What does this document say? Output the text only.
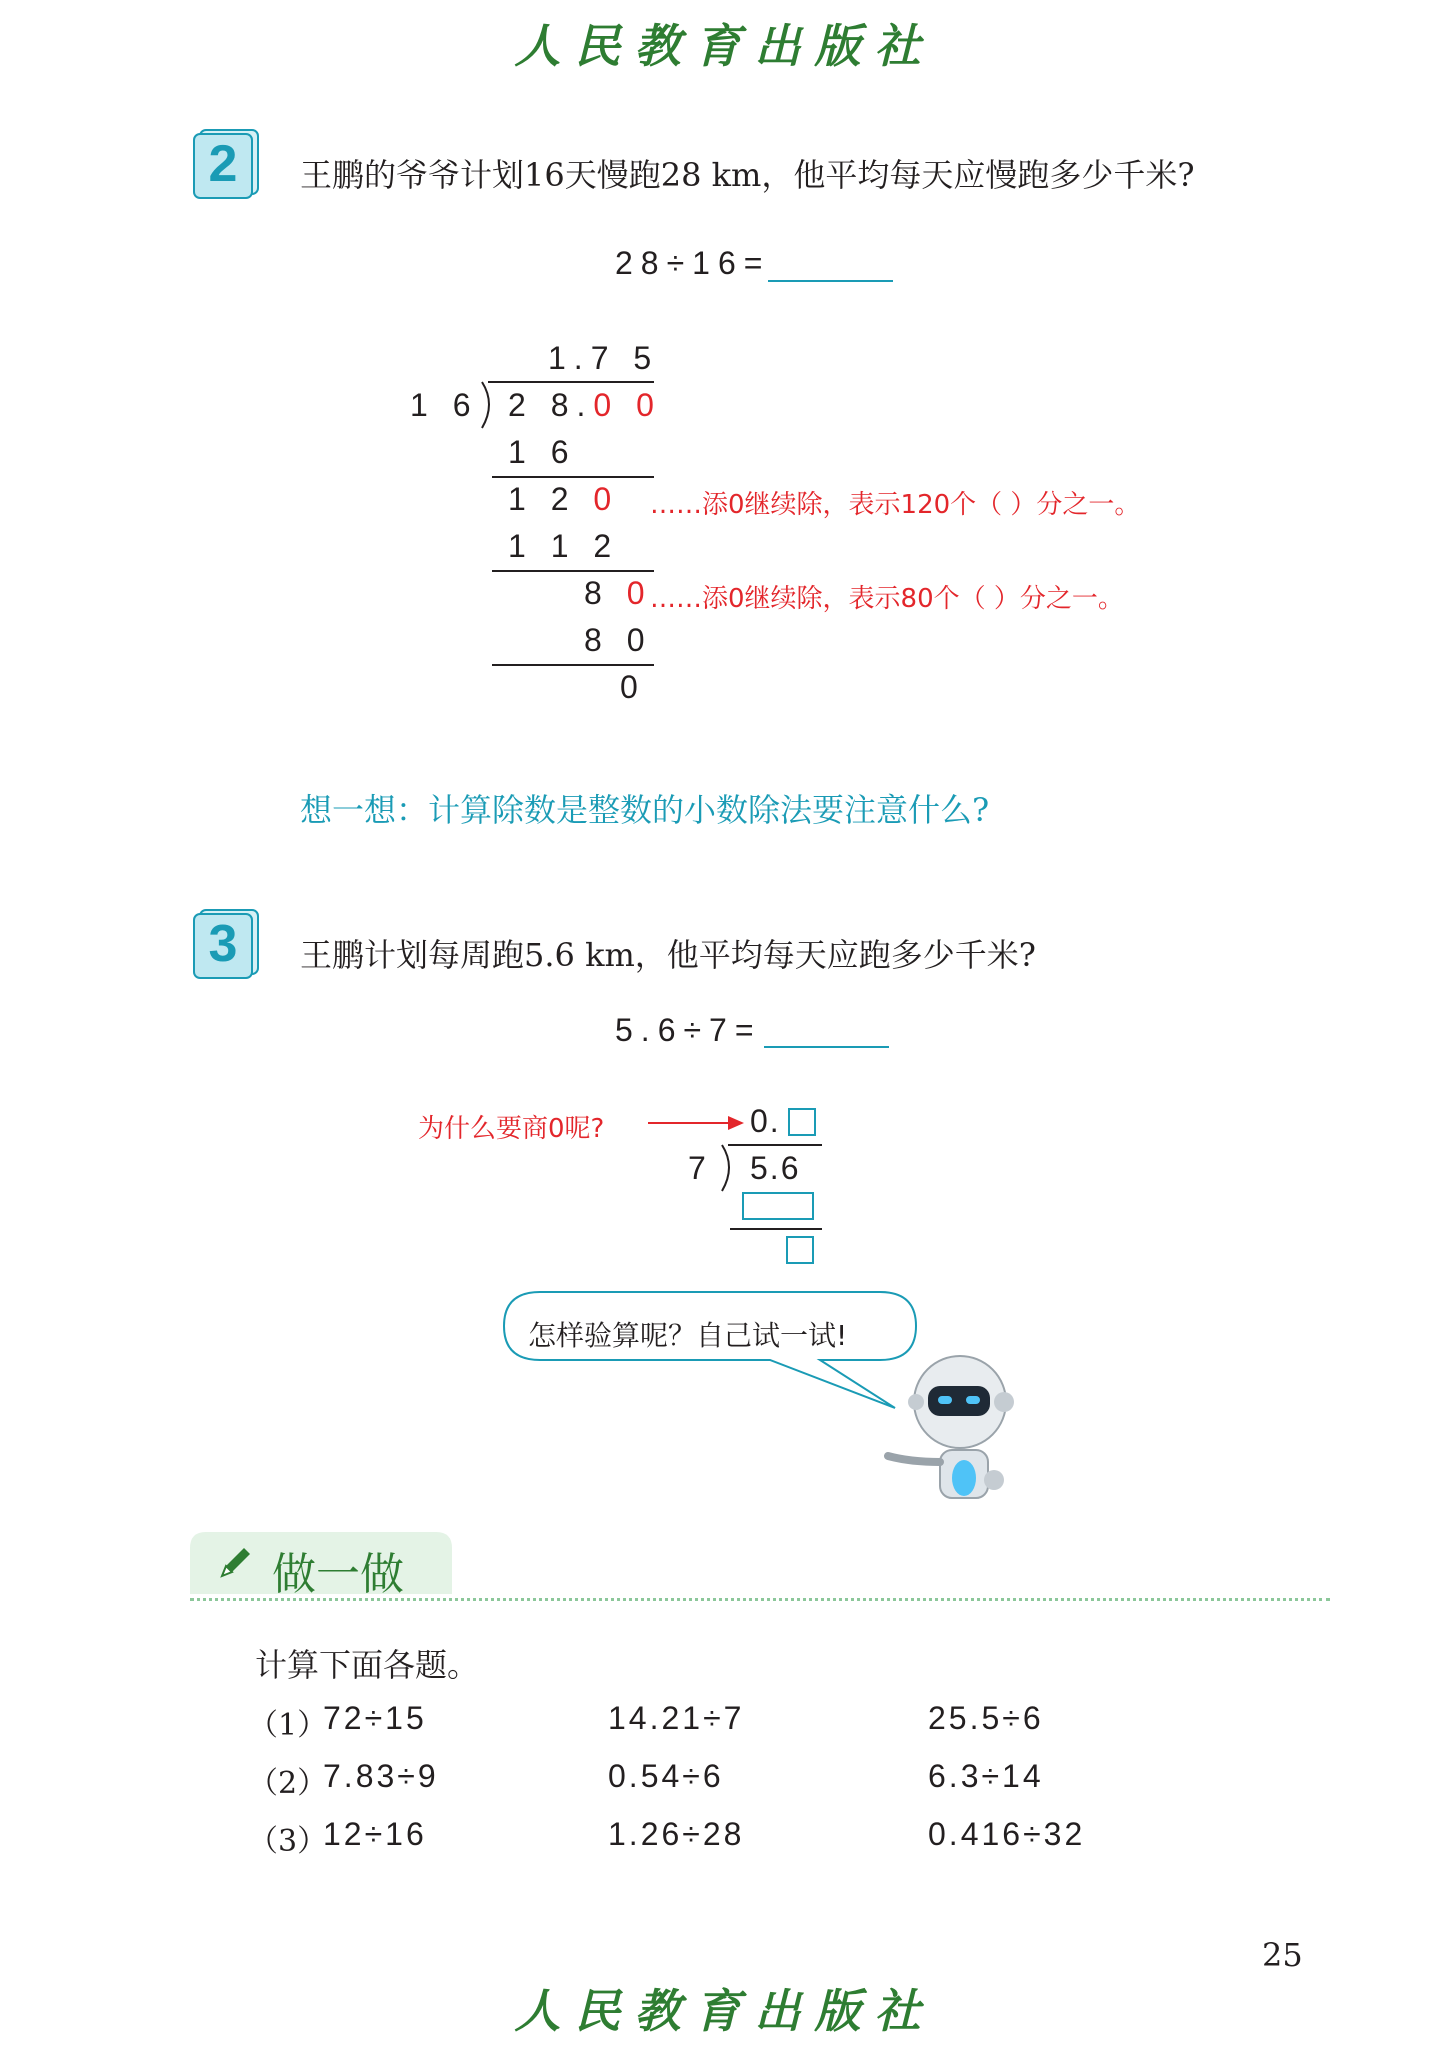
人民教育出版社
2	王鹏的爷爷计划16天慢跑28 km，他平均每天应慢跑多少千米?
28÷16=
1.7 5
1 6 2 8.0 0
1 6
1 2 0 ……添0继续除，表示120个（ ）分之一。
1 1 2
8 0
……添0继续除，表示80个（ ）分之一。
8 0
0
想一想：计算除数是整数的小数除法要注意什么?
3	王鹏计划每周跑5.6 km，他平均每天应跑多少千米?
5.6÷7=
为什么要商0呢?	0.
7 5.6
怎样验算呢？自己试一试!
做一做
计算下面各题。
（1）
72÷15	14.21÷7	25.5÷6
（2）
7.83÷9	0.54÷6	6.3÷14
（3）
12÷16	1.26÷28	0.416÷32
25
人民教育出版社
